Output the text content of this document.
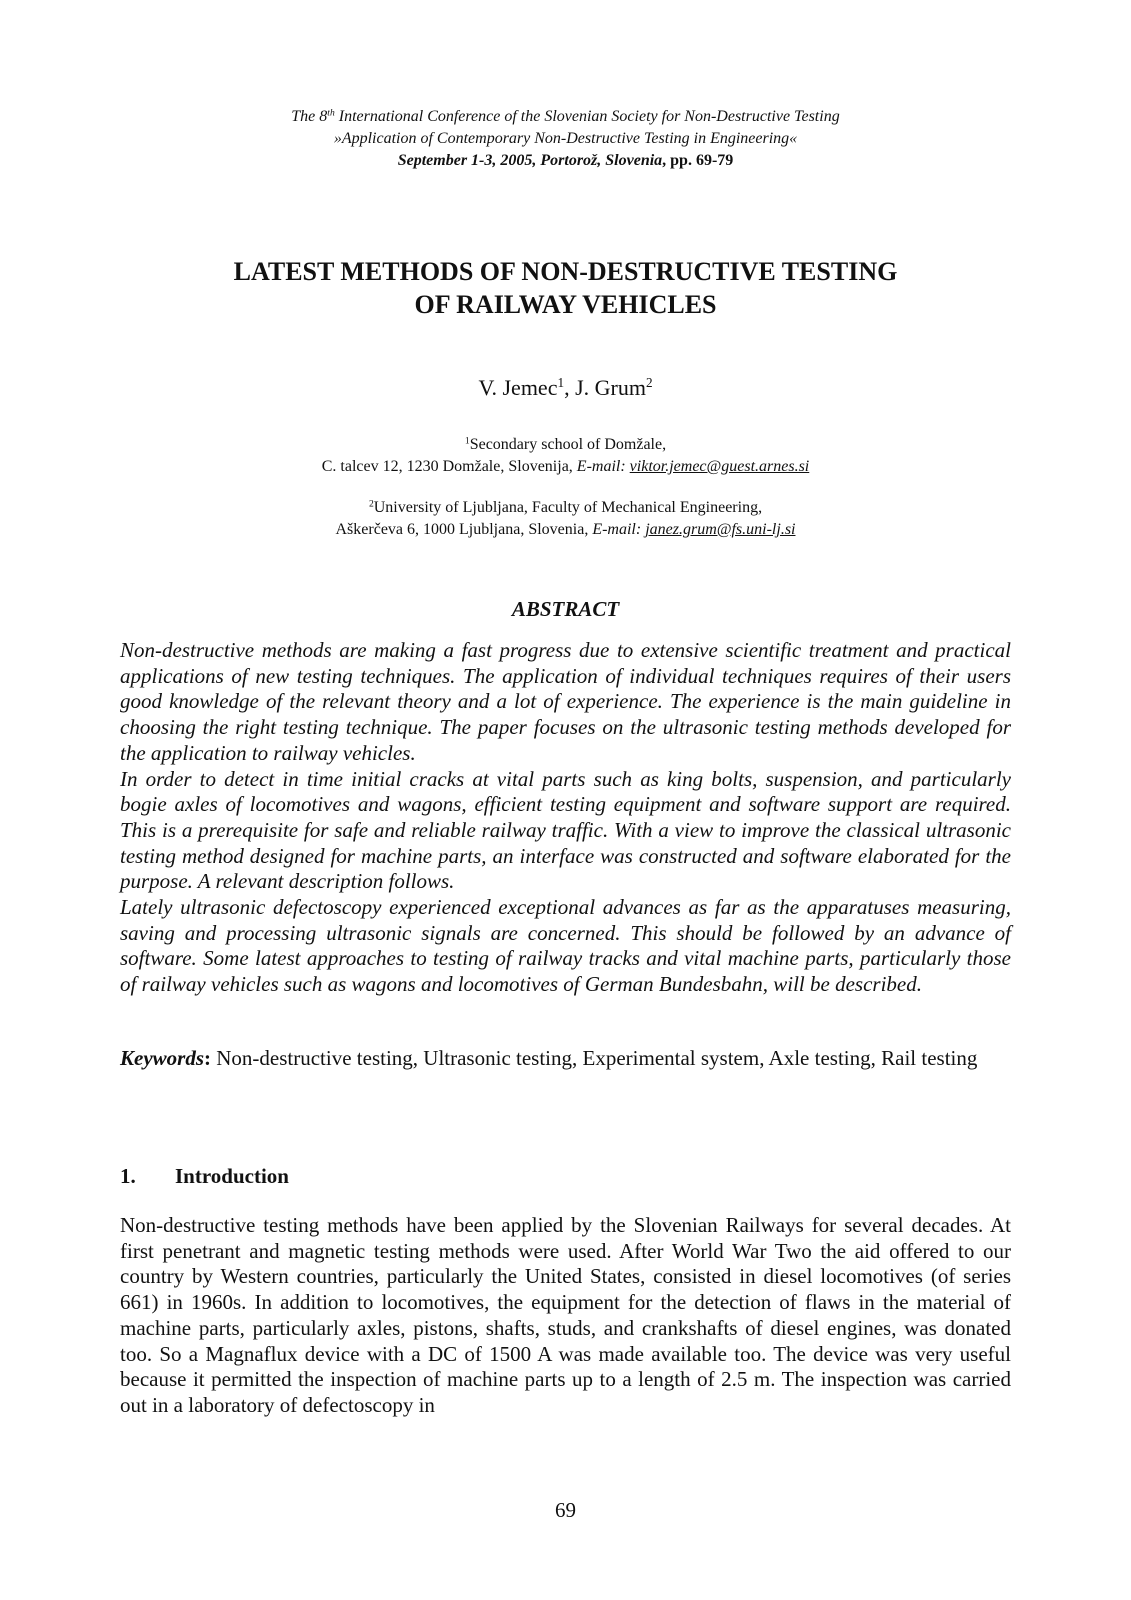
The 8th International Conference of the Slovenian Society for Non-Destructive Testing
»Application of Contemporary Non-Destructive Testing in Engineering«
September 1-3, 2005, Portorož, Slovenia, pp. 69-79
LATEST METHODS OF NON-DESTRUCTIVE TESTING
OF RAILWAY VEHICLES
V. Jemec$^1$, J. Grum$^2$
$^1$Secondary school of Domžale,
C. talcev 12, 1230 Domžale, Slovenija, E-mail: viktor.jemec@guest.arnes.si
$^2$University of Ljubljana, Faculty of Mechanical Engineering,
Aškerčeva 6, 1000 Ljubljana, Slovenia, E-mail: janez.grum@fs.uni-lj.si
ABSTRACT

Non-destructive methods are making a fast progress due to extensive scientific treatment and practical applications of new testing techniques. The application of individual techniques requires of their users good knowledge of the relevant theory and a lot of experience. The experience is the main guideline in choosing the right testing technique. The paper focuses on the ultrasonic testing methods developed for the application to railway vehicles.

In order to detect in time initial cracks at vital parts such as king bolts, suspension, and particularly bogie axles of locomotives and wagons, efficient testing equipment and software support are required. This is a prerequisite for safe and reliable railway traffic. With a view to improve the classical ultrasonic testing method designed for machine parts, an interface was constructed and software elaborated for the purpose. A relevant description follows.

Lately ultrasonic defectoscopy experienced exceptional advances as far as the apparatuses measuring, saving and processing ultrasonic signals are concerned. This should be followed by an advance of software. Some latest approaches to testing of railway tracks and vital machine parts, particularly those of railway vehicles such as wagons and locomotives of German Bundesbahn, will be described.

Keywords: Non-destructive testing, Ultrasonic testing, Experimental system, Axle testing, Rail testing

1. Introduction

Non-destructive testing methods have been applied by the Slovenian Railways for several decades. At first penetrant and magnetic testing methods were used. After World War Two the aid offered to our country by Western countries, particularly the United States, consisted in diesel locomotives (of series 661) in 1960s. In addition to locomotives, the equipment for the detection of flaws in the material of machine parts, particularly axles, pistons, shafts, studs, and crankshafts of diesel engines, was donated too. So a Magnaflux device with a DC of 1500 A was made available too. The device was very useful because it permitted the inspection of machine parts up to a length of 2.5 m. The inspection was carried out in a laboratory of defectoscopy in

69
